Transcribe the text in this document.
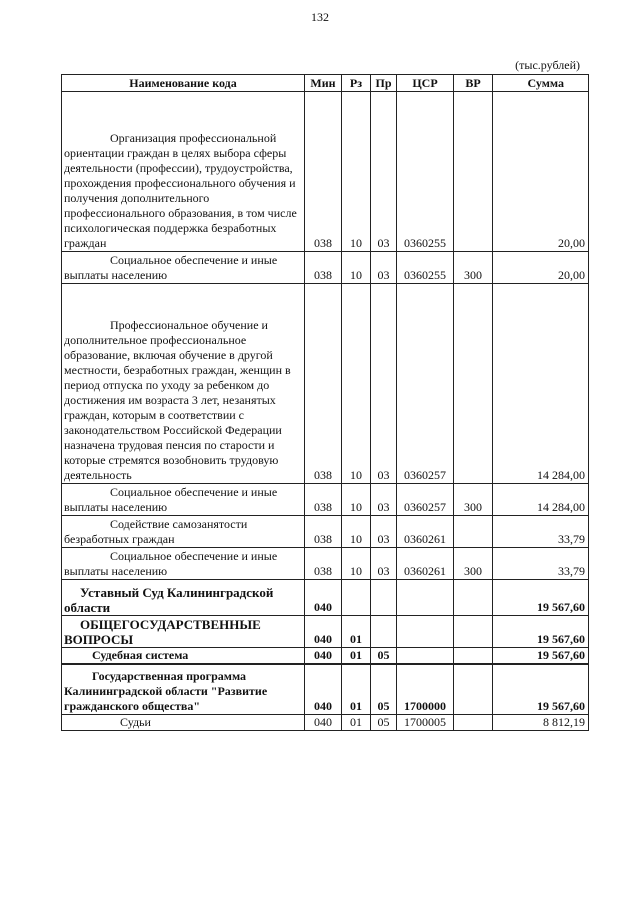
132
(тыс.рублей)
Наименование кода	Мин	Рз	Пр	ЦСР	ВР	Сумма

Организация профессиональной ориентации граждан в целях выбора сферы деятельности (профессии), трудоустройства, прохождения профессионального обучения и получения дополнительного профессионального образования, в том числе психологическая поддержка безработных граждан	038	10	03	0360255		20,00

Социальное обеспечение и иные выплаты населению	038	10	03	0360255	300	20,00

Профессиональное обучение и дополнительное профессиональное образование, включая обучение в другой местности, безработных граждан, женщин в период отпуска по уходу за ребенком до достижения им возраста 3 лет, незанятых граждан, которым в соответствии с законодательством Российской Федерации назначена трудовая пенсия по старости и которые стремятся возобновить трудовую деятельность	038	10	03	0360257		14 284,00

Социальное обеспечение и иные выплаты населению	038	10	03	0360257	300	14 284,00

Содействие самозанятости безработных граждан	038	10	03	0360261		33,79

Социальное обеспечение и иные выплаты населению	038	10	03	0360261	300	33,79

Уставный Суд Калининградской области	040					19 567,60

ОБЩЕГОСУДАРСТВЕННЫЕ ВОПРОСЫ	040	01				19 567,60

Судебная система	040	01	05			19 567,60

Государственная программа Калининградской области "Развитие гражданского общества"	040	01	05	1700000		19 567,60

Судьи	040	01	05	1700005		8 812,19
